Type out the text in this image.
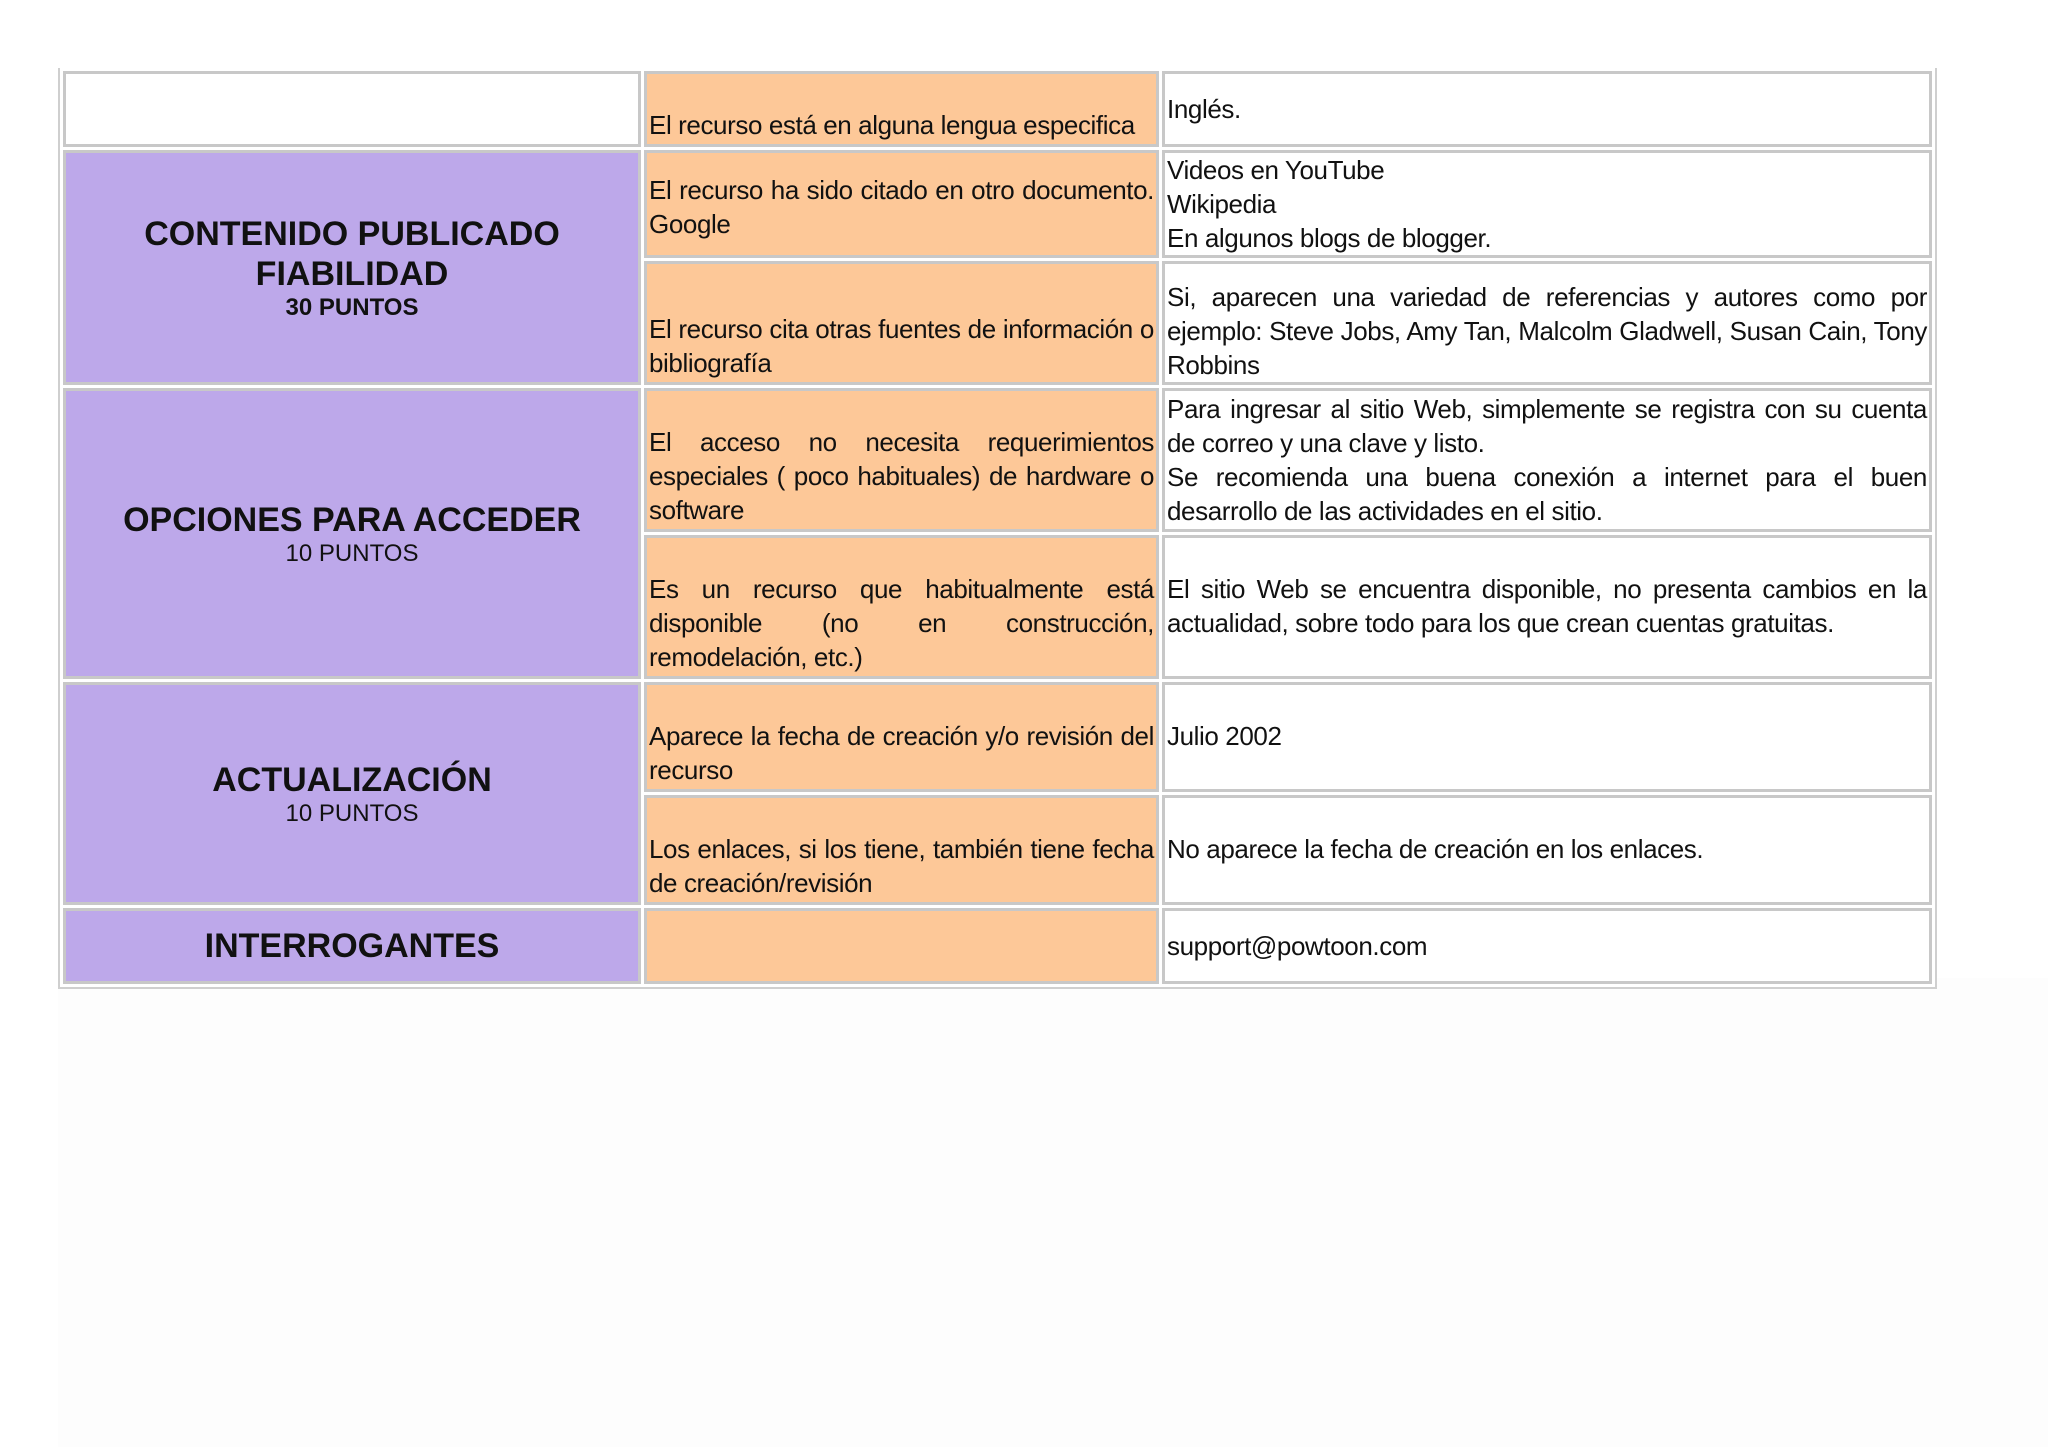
	El recurso está en alguna lengua especifica	Inglés.

CONTENIDO PUBLICADO
FIABILIDAD
30 PUNTOS	El recurso ha sido citado en otro documento. Google	Videos en YouTube
Wikipedia
En algunos blogs de blogger.

	El recurso cita otras fuentes de información o bibliografía	Si, aparecen una variedad de referencias y autores como por ejemplo: Steve Jobs, Amy Tan, Malcolm Gladwell, Susan Cain, Tony Robbins

OPCIONES PARA ACCEDER
10 PUNTOS	El acceso no necesita requerimientos especiales ( poco habituales) de hardware o software	Para ingresar al sitio Web, simplemente se registra con su cuenta de correo y una clave y listo.
Se recomienda una buena conexión a internet para el buen desarrollo de las actividades en el sitio.

	Es un recurso que habitualmente está disponible (no en construcción, remodelación, etc.)	El sitio Web se encuentra disponible, no presenta cambios en la actualidad, sobre todo para los que crean cuentas gratuitas.

ACTUALIZACIÓN
10 PUNTOS	Aparece la fecha de creación y/o revisión del recurso	Julio 2002

	Los enlaces, si los tiene, también tiene fecha de creación/revisión	No aparece la fecha de creación en los enlaces.

INTERROGANTES		support@powtoon.com
